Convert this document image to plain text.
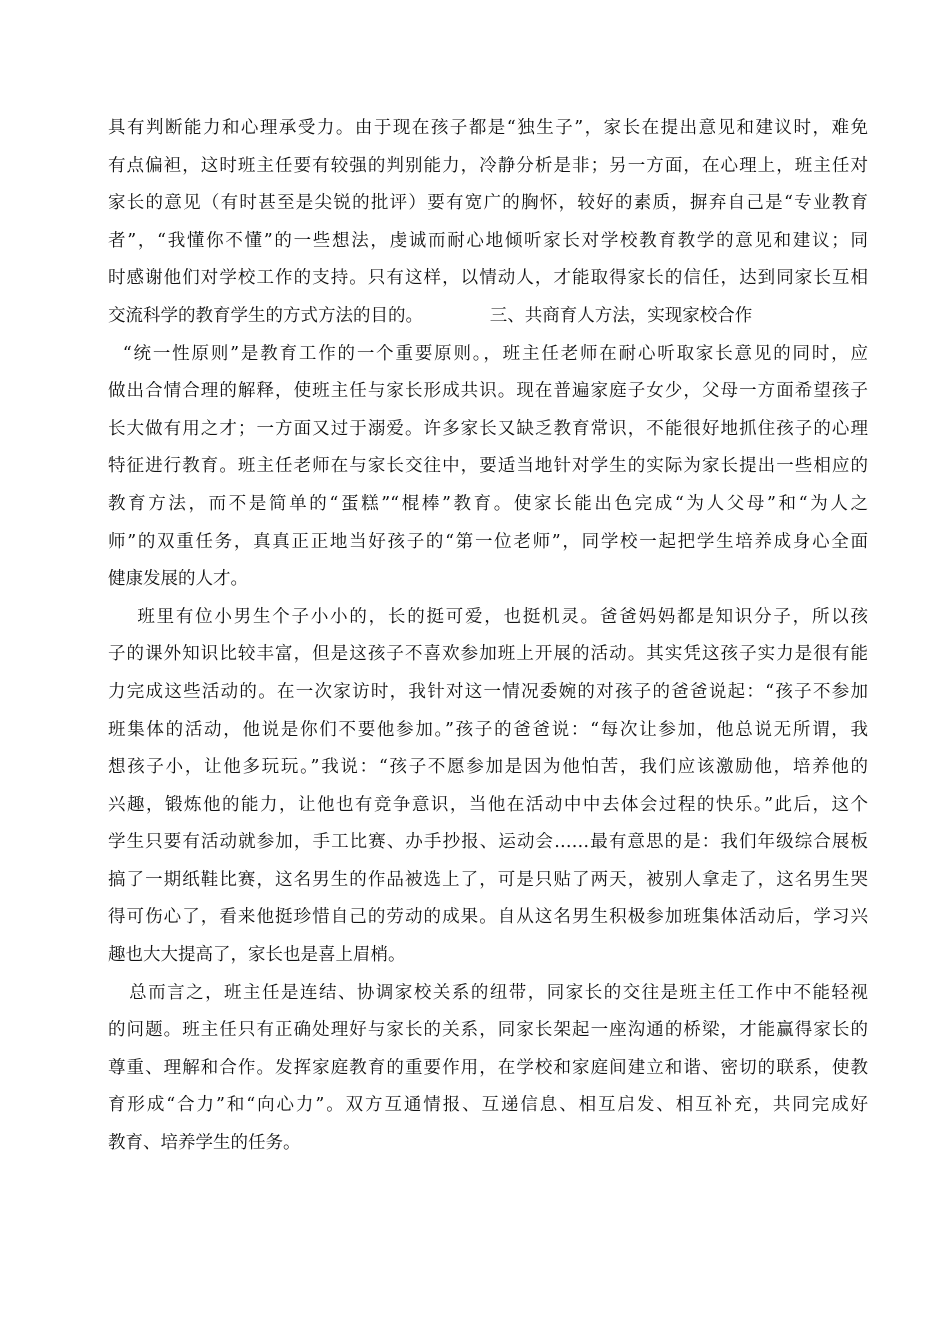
具有判断能力和心理承受力。由于现在孩子都是“独生子”，家长在提出意见和建议时，难免
有点偏袒，这时班主任要有较强的判别能力，冷静分析是非；另一方面，在心理上，班主任对
家长的意见（有时甚至是尖锐的批评）要有宽广的胸怀，较好的素质，摒弃自己是“专业教育
者”，“我懂你不懂”的一些想法，虔诚而耐心地倾听家长对学校教育教学的意见和建议；同
时感谢他们对学校工作的支持。只有这样，以情动人，才能取得家长的信任，达到同家长互相
交流科学的教育学生的方式方法的目的。            三、共商育人方法，实现家校合作
“统一性原则”是教育工作的一个重要原则。，班主任老师在耐心听取家长意见的同时，应
做出合情合理的解释，使班主任与家长形成共识。现在普遍家庭子女少，父母一方面希望孩子
长大做有用之才；一方面又过于溺爱。许多家长又缺乏教育常识，不能很好地抓住孩子的心理
特征进行教育。班主任老师在与家长交往中，要适当地针对学生的实际为家长提出一些相应的
教育方法，而不是简单的“蛋糕”“棍棒”教育。使家长能出色完成“为人父母”和“为人之
师”的双重任务，真真正正地当好孩子的“第一位老师”，同学校一起把学生培养成身心全面
健康发展的人才。
班里有位小男生个子小小的，长的挺可爱，也挺机灵。爸爸妈妈都是知识分子，所以孩
子的课外知识比较丰富，但是这孩子不喜欢参加班上开展的活动。其实凭这孩子实力是很有能
力完成这些活动的。在一次家访时，我针对这一情况委婉的对孩子的爸爸说起：“孩子不参加
班集体的活动，他说是你们不要他参加。”孩子的爸爸说：“每次让参加，他总说无所谓，我
想孩子小，让他多玩玩。”我说：“孩子不愿参加是因为他怕苦，我们应该激励他，培养他的
兴趣，锻炼他的能力，让他也有竞争意识，当他在活动中中去体会过程的快乐。”此后，这个
学生只要有活动就参加，手工比赛、办手抄报、运动会……最有意思的是：我们年级综合展板
搞了一期纸鞋比赛，这名男生的作品被选上了，可是只贴了两天，被别人拿走了，这名男生哭
得可伤心了，看来他挺珍惜自己的劳动的成果。自从这名男生积极参加班集体活动后，学习兴
趣也大大提高了，家长也是喜上眉梢。
总而言之，班主任是连结、协调家校关系的纽带，同家长的交往是班主任工作中不能轻视
的问题。班主任只有正确处理好与家长的关系，同家长架起一座沟通的桥梁，才能赢得家长的
尊重、理解和合作。发挥家庭教育的重要作用，在学校和家庭间建立和谐、密切的联系，使教
育形成“合力”和“向心力”。双方互通情报、互递信息、相互启发、相互补充，共同完成好
教育、培养学生的任务。
